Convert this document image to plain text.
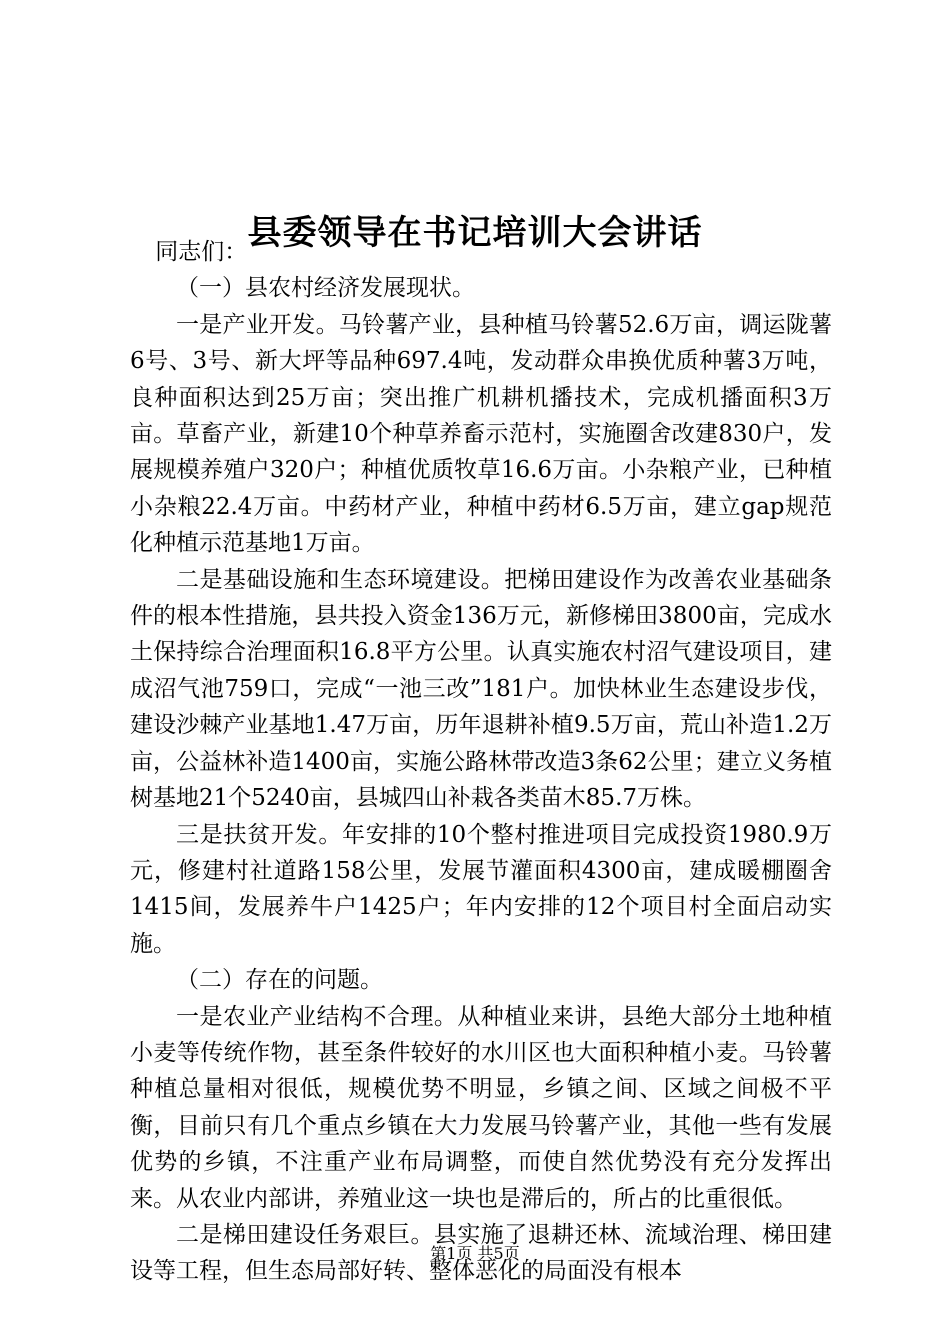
县委领导在书记培训大会讲话

同志们：

（一）县农村经济发展现状。

一是产业开发。马铃薯产业，县种植马铃薯52.6万亩，调运陇薯6号、3号、新大坪等品种697.4吨，发动群众串换优质种薯3万吨，良种面积达到25万亩；突出推广机耕机播技术，完成机播面积3万亩。草畜产业，新建10个种草养畜示范村，实施圈舍改建830户，发展规模养殖户320户；种植优质牧草16.6万亩。小杂粮产业，已种植小杂粮22.4万亩。中药材产业，种植中药材6.5万亩，建立gap规范化种植示范基地1万亩。

二是基础设施和生态环境建设。把梯田建设作为改善农业基础条件的根本性措施，县共投入资金136万元，新修梯田3800亩，完成水土保持综合治理面积16.8平方公里。认真实施农村沼气建设项目，建成沼气池759口，完成“一池三改”181户。加快林业生态建设步伐，建设沙棘产业基地1.47万亩，历年退耕补植9.5万亩，荒山补造1.2万亩，公益林补造1400亩，实施公路林带改造3条62公里；建立义务植树基地21个5240亩，县城四山补栽各类苗木85.7万株。

三是扶贫开发。年安排的10个整村推进项目完成投资1980.9万元，修建村社道路158公里，发展节灌面积4300亩，建成暖棚圈舍1415间，发展养牛户1425户；年内安排的12个项目村全面启动实施。

（二）存在的问题。

一是农业产业结构不合理。从种植业来讲，县绝大部分土地种植小麦等传统作物，甚至条件较好的水川区也大面积种植小麦。马铃薯种植总量相对很低，规模优势不明显，乡镇之间、区域之间极不平衡，目前只有几个重点乡镇在大力发展马铃薯产业，其他一些有发展优势的乡镇，不注重产业布局调整，而使自然优势没有充分发挥出来。从农业内部讲，养殖业这一块也是滞后的，所占的比重很低。

二是梯田建设任务艰巨。县实施了退耕还林、流域治理、梯田建设等工程，但生态局部好转、整体恶化的局面没有根本

第1页 共5页
